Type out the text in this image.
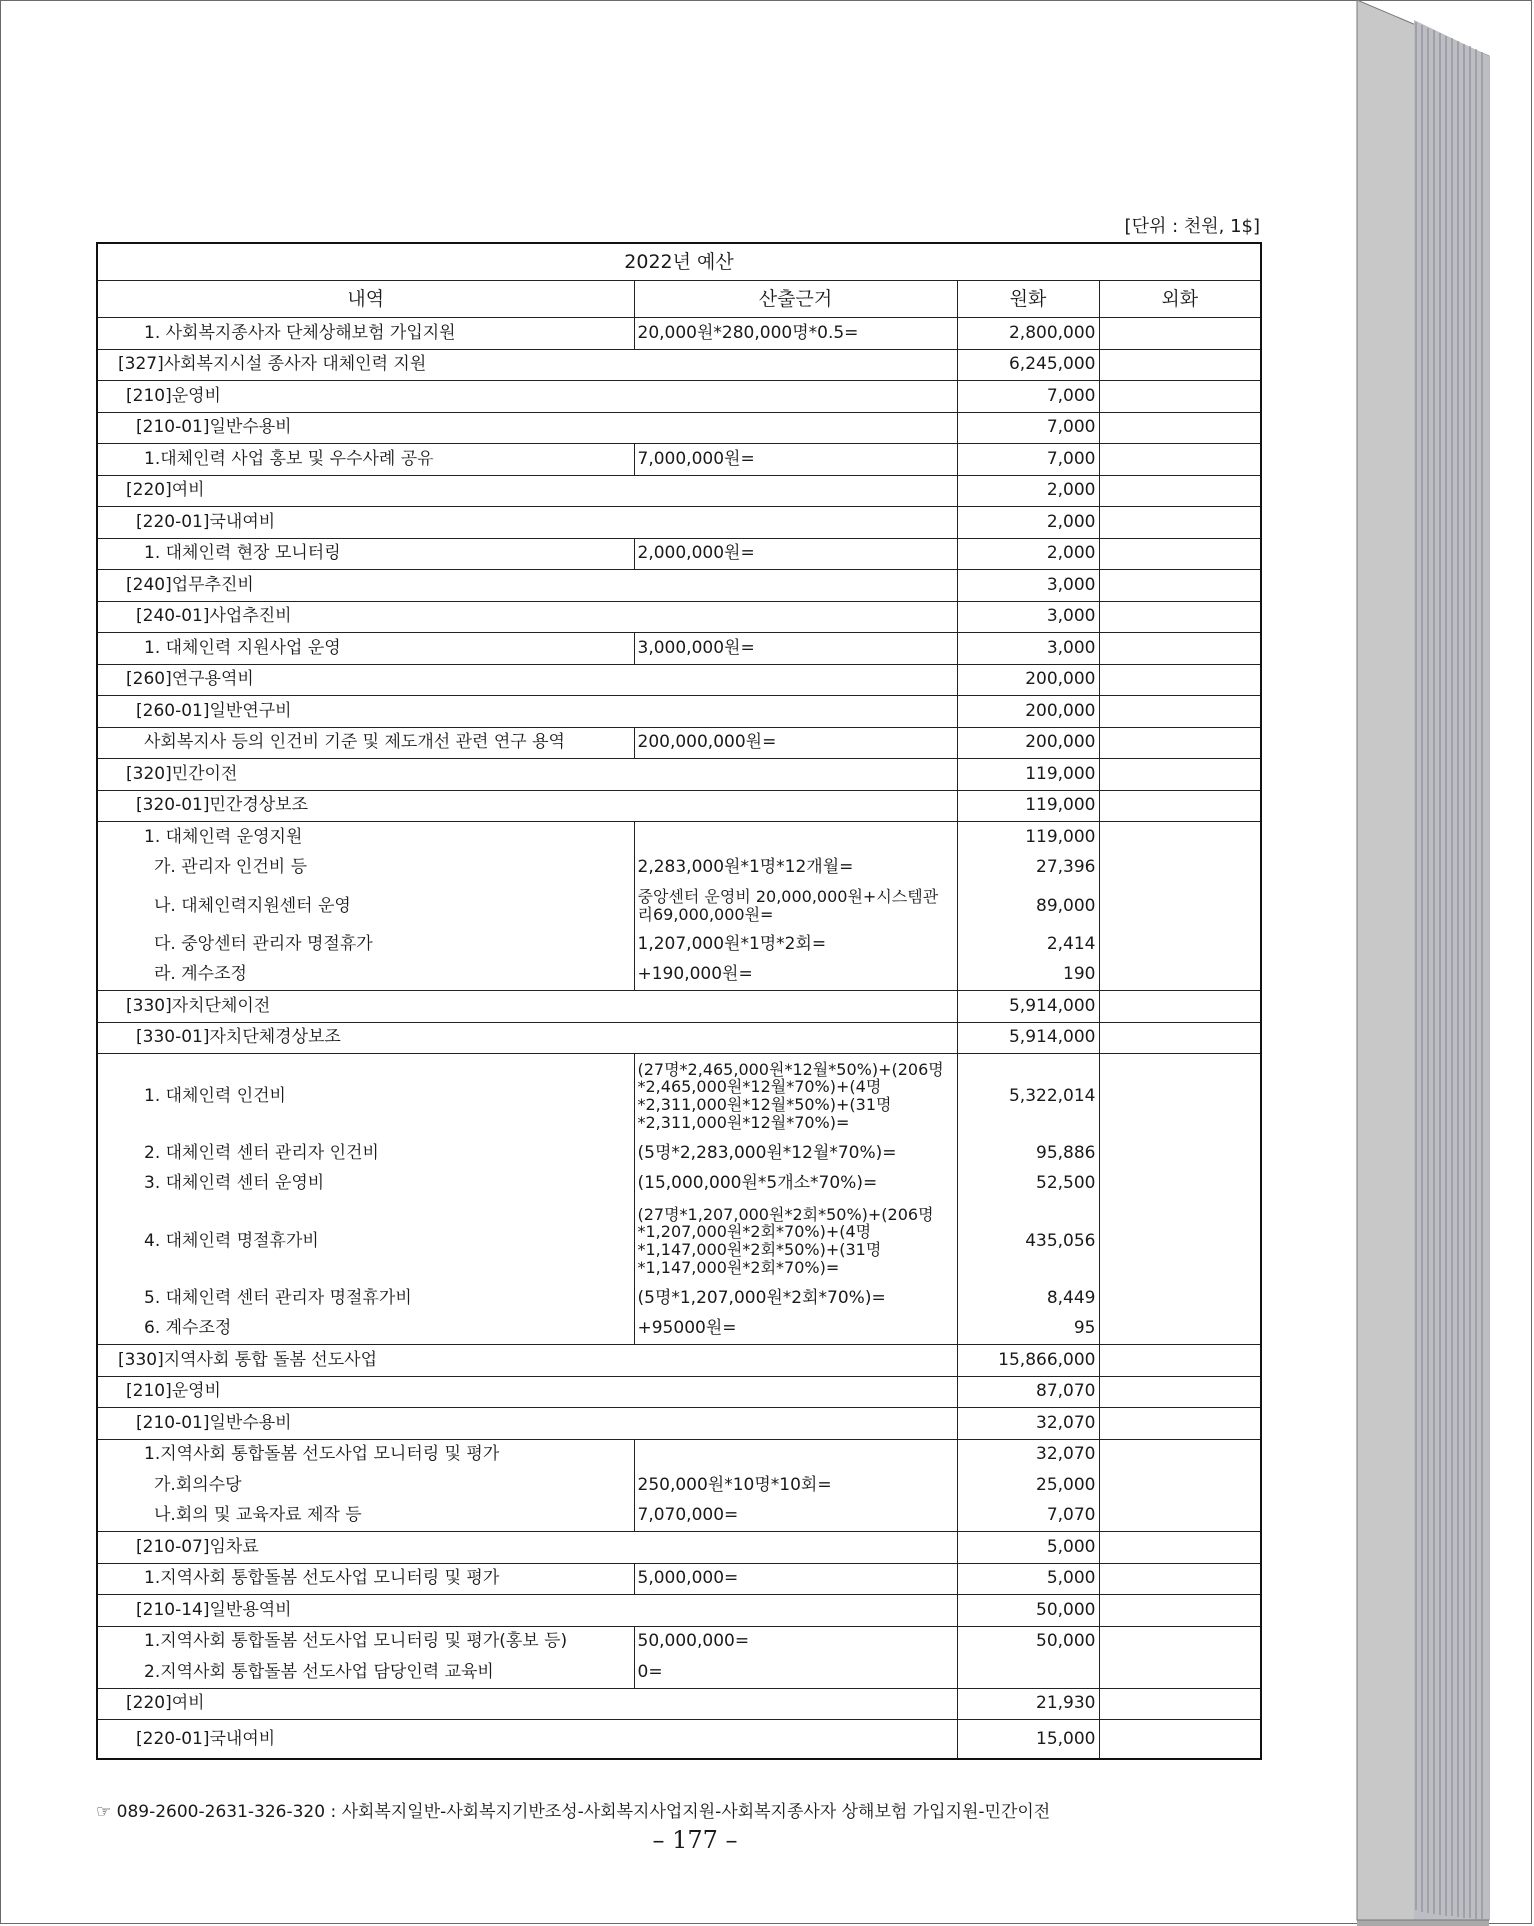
[단위 : 천원, 1$]
2022년 예산			
내역	산출근거	원화	외화
1. 사회복지종사자 단체상해보험 가입지원	20,000원*280,000명*0.5=	2,800,000	
[327]사회복지시설 종사자 대체인력 지원		6,245,000	
[210]운영비		7,000	
[210-01]일반수용비		7,000	
1.대체인력 사업 홍보 및 우수사례 공유	7,000,000원=	7,000	
[220]여비		2,000	
[220-01]국내여비		2,000	
1. 대체인력 현장 모니터링	2,000,000원=	2,000	
[240]업무추진비		3,000	
[240-01]사업추진비		3,000	
1. 대체인력 지원사업 운영	3,000,000원=	3,000	
[260]연구용역비		200,000	
[260-01]일반연구비		200,000	
사회복지사 등의 인건비 기준 및 제도개선 관련 연구 용역	200,000,000원=	200,000	
[320]민간이전		119,000	
[320-01]민간경상보조		119,000	
1. 대체인력 운영지원		119,000	
가. 관리자 인건비 등	2,283,000원*1명*12개월=	27,396	
나. 대체인력지원센터 운영	중앙센터 운영비 20,000,000원+시스템관리69,000,000원=	89,000	
다. 중앙센터 관리자 명절휴가	1,207,000원*1명*2회=	2,414	
라. 계수조정	+190,000원=	190	
[330]자치단체이전		5,914,000	
[330-01]자치단체경상보조		5,914,000	
1. 대체인력 인건비	(27명*2,465,000원*12월*50%)+(206명*2,465,000원*12월*70%)+(4명*2,311,000원*12월*50%)+(31명*2,311,000원*12월*70%)=	5,322,014	
2. 대체인력 센터 관리자 인건비	(5명*2,283,000원*12월*70%)=	95,886	
3. 대체인력 센터 운영비	(15,000,000원*5개소*70%)=	52,500	
4. 대체인력 명절휴가비	(27명*1,207,000원*2회*50%)+(206명*1,207,000원*2회*70%)+(4명*1,147,000원*2회*50%)+(31명*1,147,000원*2회*70%)=	435,056	
5. 대체인력 센터 관리자 명절휴가비	(5명*1,207,000원*2회*70%)=	8,449	
6. 계수조정	+95000원=	95	
[330]지역사회 통합 돌봄 선도사업		15,866,000	
[210]운영비		87,070	
[210-01]일반수용비		32,070	
1.지역사회 통합돌봄 선도사업 모니터링 및 평가		32,070	
가.회의수당	250,000원*10명*10회=	25,000	
나.회의 및 교육자료 제작 등	7,070,000=	7,070	
[210-07]임차료		5,000	
1.지역사회 통합돌봄 선도사업 모니터링 및 평가	5,000,000=	5,000	
[210-14]일반용역비		50,000	
1.지역사회 통합돌봄 선도사업 모니터링 및 평가(홍보 등)	50,000,000=	50,000	
2.지역사회 통합돌봄 선도사업 담당인력 교육비	0=		
[220]여비		21,930	
[220-01]국내여비		15,000	
☞ 089-2600-2631-326-320 : 사회복지일반-사회복지기반조성-사회복지사업지원-사회복지종사자 상해보험 가입지원-민간이전
– 177 –
